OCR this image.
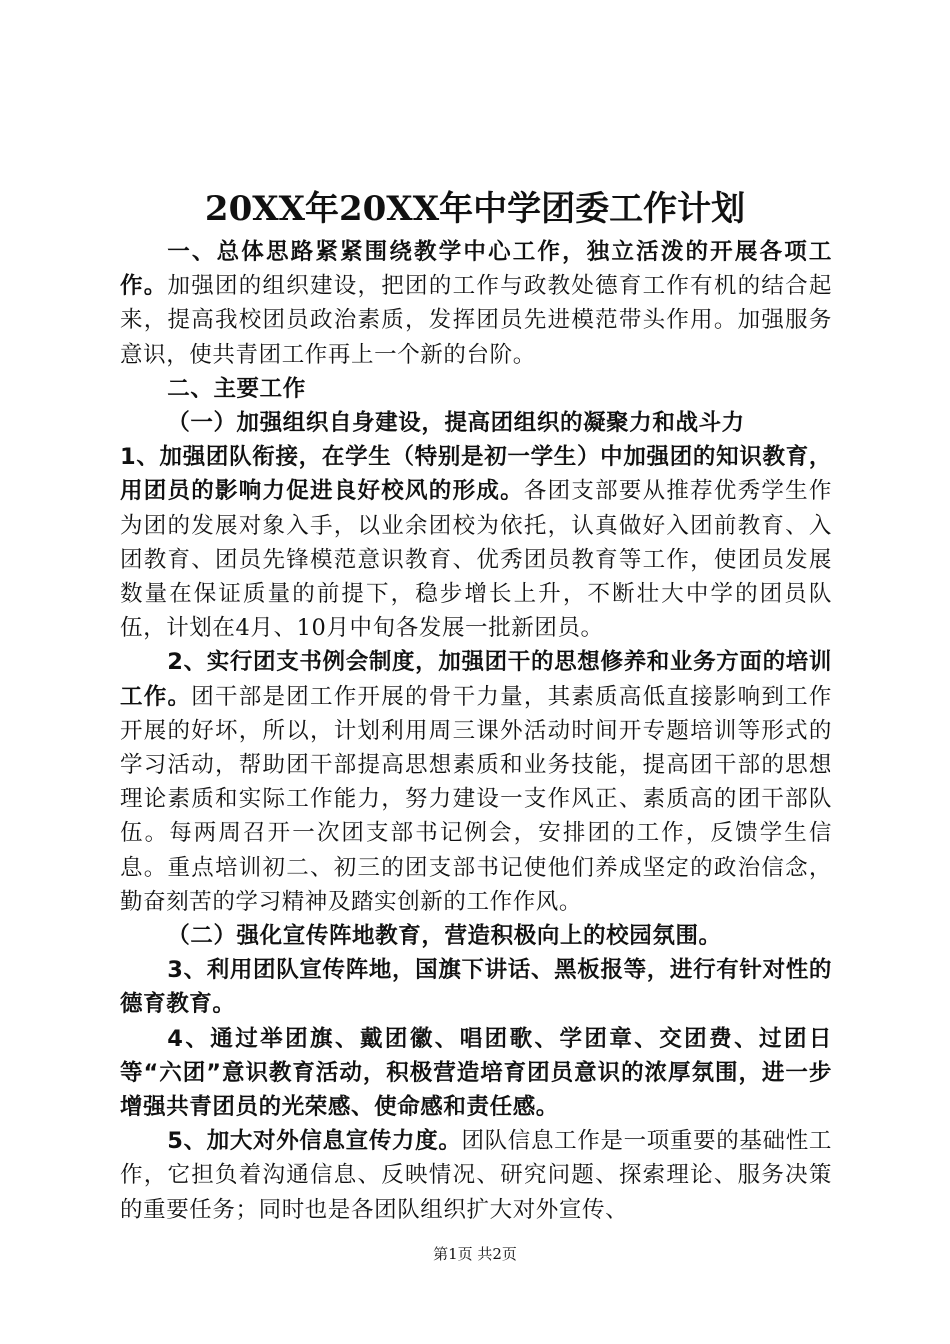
20XX年20XX年中学团委工作计划

一、总体思路紧紧围绕教学中心工作，独立活泼的开展各项工作。加强团的组织建设，把团的工作与政教处德育工作有机的结合起来，提高我校团员政治素质，发挥团员先进模范带头作用。加强服务意识，使共青团工作再上一个新的台阶。

二、主要工作

（一）加强组织自身建设，提高团组织的凝聚力和战斗力

1、加强团队衔接，在学生（特别是初一学生）中加强团的知识教育，用团员的影响力促进良好校风的形成。各团支部要从推荐优秀学生作为团的发展对象入手，以业余团校为依托，认真做好入团前教育、入团教育、团员先锋模范意识教育、优秀团员教育等工作，使团员发展数量在保证质量的前提下，稳步增长上升，不断壮大中学的团员队伍，计划在4月、10月中旬各发展一批新团员。

2、实行团支书例会制度，加强团干的思想修养和业务方面的培训工作。团干部是团工作开展的骨干力量，其素质高低直接影响到工作开展的好坏，所以，计划利用周三课外活动时间开专题培训等形式的学习活动，帮助团干部提高思想素质和业务技能，提高团干部的思想理论素质和实际工作能力，努力建设一支作风正、素质高的团干部队伍。每两周召开一次团支部书记例会，安排团的工作，反馈学生信息。重点培训初二、初三的团支部书记使他们养成坚定的政治信念，勤奋刻苦的学习精神及踏实创新的工作作风。

（二）强化宣传阵地教育，营造积极向上的校园氛围。

3、利用团队宣传阵地，国旗下讲话、黑板报等，进行有针对性的德育教育。

4、通过举团旗、戴团徽、唱团歌、学团章、交团费、过团日等“六团”意识教育活动，积极营造培育团员意识的浓厚氛围，进一步增强共青团员的光荣感、使命感和责任感。

5、加大对外信息宣传力度。团队信息工作是一项重要的基础性工作，它担负着沟通信息、反映情况、研究问题、探索理论、服务决策的重要任务；同时也是各团队组织扩大对外宣传、

第1页 共2页
